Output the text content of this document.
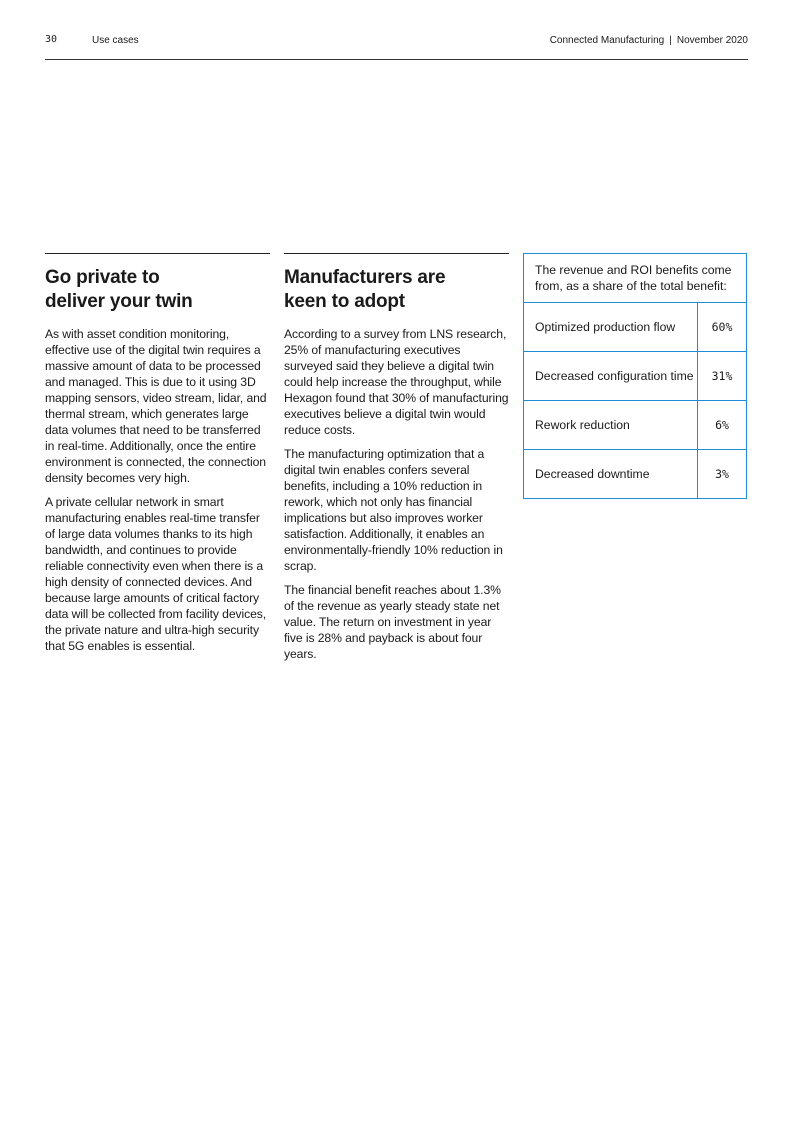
30	Use cases	Connected Manufacturing | November 2020
Go private to
deliver your twin

As with asset condition monitoring, effective use of the digital twin requires a massive amount of data to be processed and managed. This is due to it using 3D mapping sensors, video stream, lidar, and thermal stream, which generates large data volumes that need to be transferred in real-time. Additionally, once the entire environment is connected, the connection density becomes very high.

A private cellular network in smart manufacturing enables real-time transfer of large data volumes thanks to its high bandwidth, and continues to provide reliable connectivity even when there is a high density of connected devices. And because large amounts of critical factory data will be collected from facility devices, the private nature and ultra-high security that 5G enables is essential.

Manufacturers are
keen to adopt

According to a survey from LNS research, 25% of manufacturing executives surveyed said they believe a digital twin could help increase the throughput, while Hexagon found that 30% of manufacturing executives believe a digital twin would reduce costs.

The manufacturing optimization that a digital twin enables confers several benefits, including a 10% reduction in rework, which not only has financial implications but also improves worker satisfaction. Additionally, it enables an environmentally-friendly 10% reduction in scrap.

The financial benefit reaches about 1.3% of the revenue as yearly steady state net value. The return on investment in year five is 28% and payback is about four years.

The revenue and ROI benefits come from, as a share of the total benefit:
Optimized production flow	60%
Decreased configuration time	31%
Rework reduction	6%
Decreased downtime	3%
